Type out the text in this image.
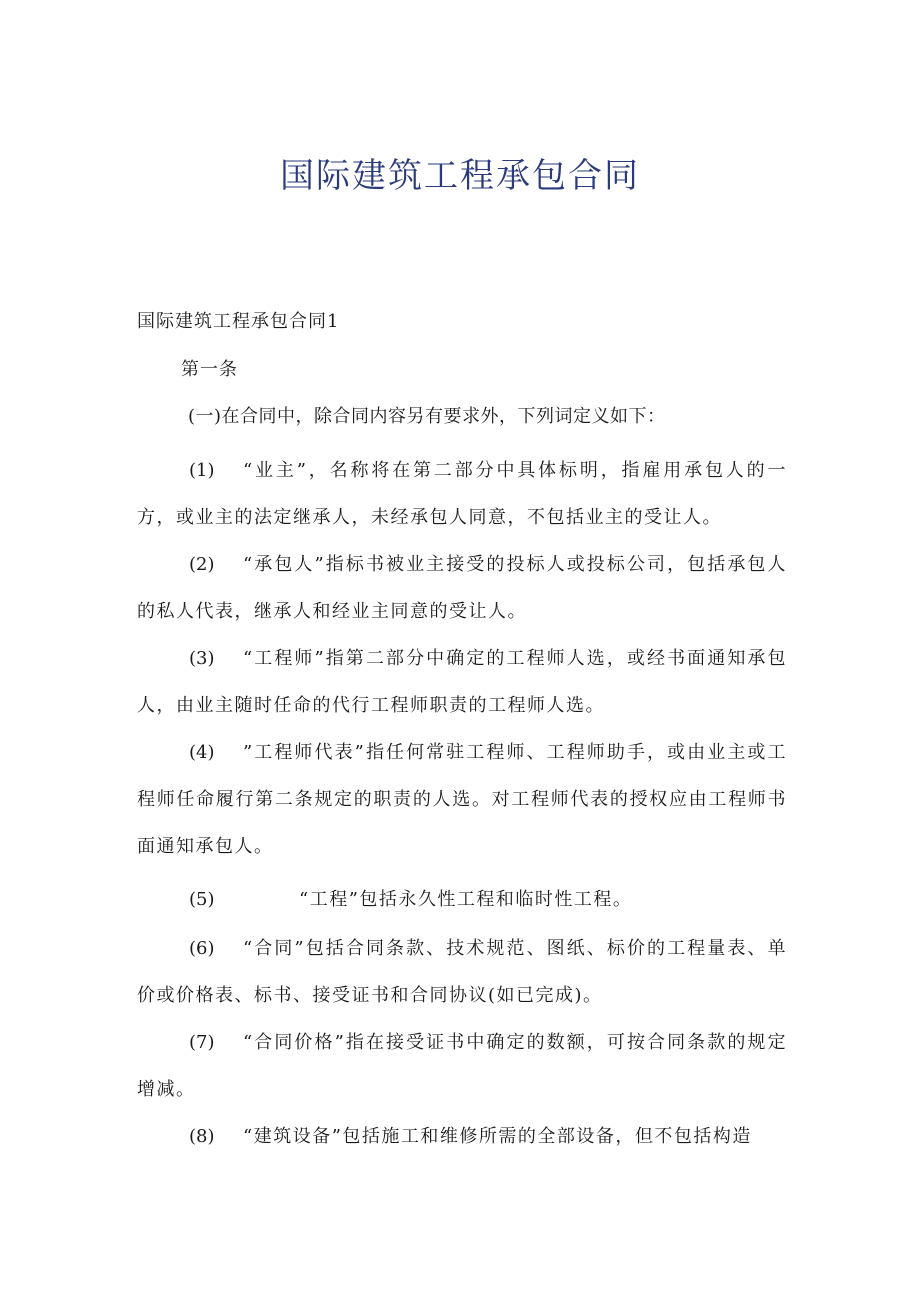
国际建筑工程承包合同
国际建筑工程承包合同1
第一条
(一)在合同中，除合同内容另有要求外，下列词定义如下：
(1) “业主”，名称将在第二部分中具体标明，指雇用承包人的一方，或业主的法定继承人，未经承包人同意，不包括业主的受让人。
(2) “承包人”指标书被业主接受的投标人或投标公司，包括承包人的私人代表，继承人和经业主同意的受让人。
(3) “工程师”指第二部分中确定的工程师人选，或经书面通知承包人，由业主随时任命的代行工程师职责的工程师人选。
(4) ”工程师代表”指任何常驻工程师、工程师助手，或由业主或工程师任命履行第二条规定的职责的人选。对工程师代表的授权应由工程师书面通知承包人。
(5)	“工程”包括永久性工程和临时性工程。
(6) “合同”包括合同条款、技术规范、图纸、标价的工程量表、单价或价格表、标书、接受证书和合同协议(如已完成)。
(7) “合同价格”指在接受证书中确定的数额，可按合同条款的规定增减。
(8) “建筑设备”包括施工和维修所需的全部设备，但不包括构造
